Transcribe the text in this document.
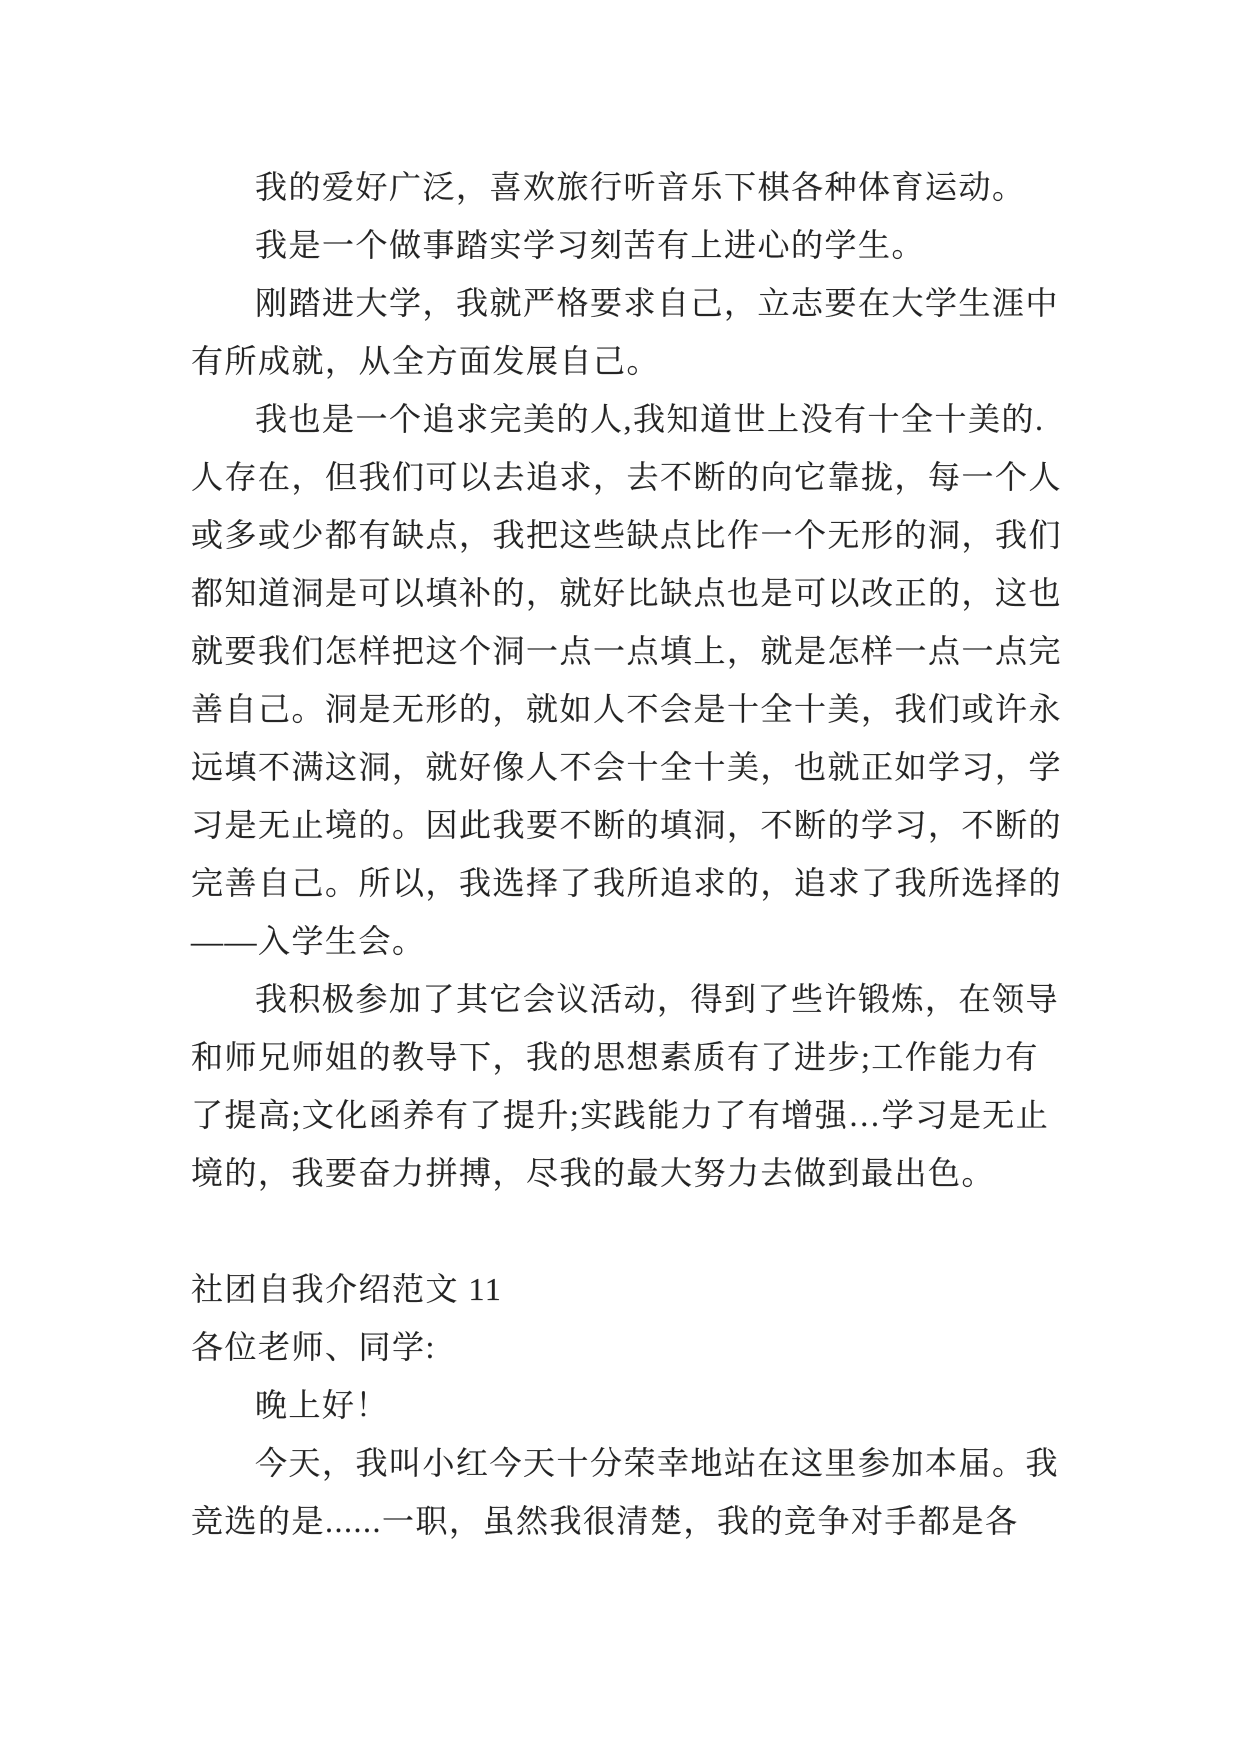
我的爱好广泛，喜欢旅行听音乐下棋各种体育运动。
我是一个做事踏实学习刻苦有上进心的学生。
刚踏进大学，我就严格要求自己，立志要在大学生涯中
有所成就，从全方面发展自己。
我也是一个追求完美的人,我知道世上没有十全十美的.
人存在，但我们可以去追求，去不断的向它靠拢，每一个人
或多或少都有缺点，我把这些缺点比作一个无形的洞，我们
都知道洞是可以填补的，就好比缺点也是可以改正的，这也
就要我们怎样把这个洞一点一点填上，就是怎样一点一点完
善自己。洞是无形的，就如人不会是十全十美，我们或许永
远填不满这洞，就好像人不会十全十美，也就正如学习，学
习是无止境的。因此我要不断的填洞，不断的学习，不断的
完善自己。所以，我选择了我所追求的，追求了我所选择的
——入学生会。
我积极参加了其它会议活动，得到了些许锻炼，在领导
和师兄师姐的教导下，我的思想素质有了进步;工作能力有
了提高;文化函养有了提升;实践能力了有增强…学习是无止
境的，我要奋力拼搏，尽我的最大努力去做到最出色。
社团自我介绍范文 11
各位老师、同学:
晚上好！
今天，我叫小红今天十分荣幸地站在这里参加本届。我
竞选的是......一职，虽然我很清楚，我的竞争对手都是各
